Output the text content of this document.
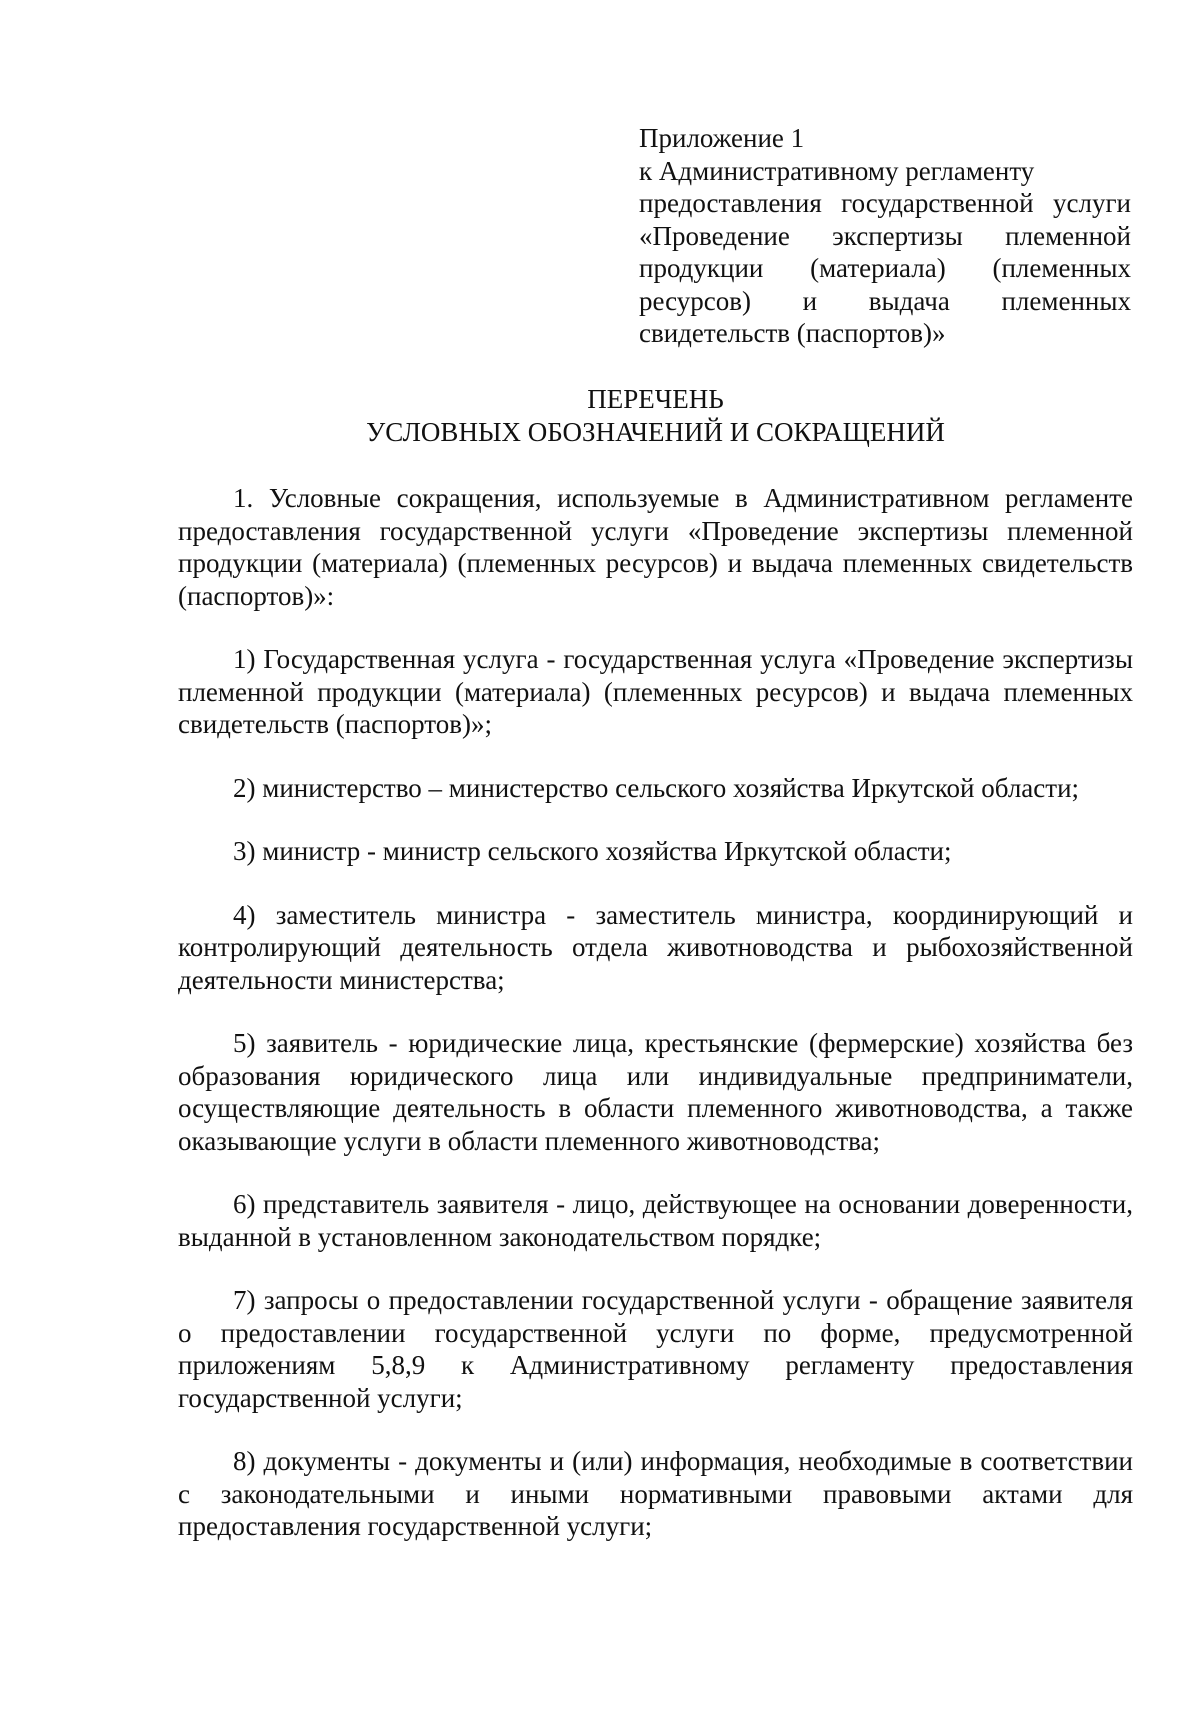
Приложение 1
к Административному регламенту
предоставления государственной услуги «Проведение экспертизы племенной продукции (материала) (племенных ресурсов) и выдача племенных свидетельств (паспортов)»
ПЕРЕЧЕНЬ
УСЛОВНЫХ ОБОЗНАЧЕНИЙ И СОКРАЩЕНИЙ

1. Условные сокращения, используемые в Административном регламенте предоставления государственной услуги «Проведение экспертизы племенной продукции (материала) (племенных ресурсов) и выдача племенных свидетельств (паспортов)»:

1) Государственная услуга - государственная услуга «Проведение экспертизы племенной продукции (материала) (племенных ресурсов) и выдача племенных свидетельств (паспортов)»;

2) министерство – министерство сельского хозяйства Иркутской области;

3) министр - министр сельского хозяйства Иркутской области;

4) заместитель министра - заместитель министра, координирующий и контролирующий деятельность отдела животноводства и рыбохозяйственной деятельности министерства;

5) заявитель - юридические лица, крестьянские (фермерские) хозяйства без образования юридического лица или индивидуальные предприниматели, осуществляющие деятельность в области племенного животноводства, а также оказывающие услуги в области племенного животноводства;

6) представитель заявителя - лицо, действующее на основании доверенности, выданной в установленном законодательством порядке;

7) запросы о предоставлении государственной услуги - обращение заявителя о предоставлении государственной услуги по форме, предусмотренной приложениям 5,8,9 к Административному регламенту предоставления государственной услуги;

8) документы - документы и (или) информация, необходимые в соответствии с законодательными и иными нормативными правовыми актами для предоставления государственной услуги;
